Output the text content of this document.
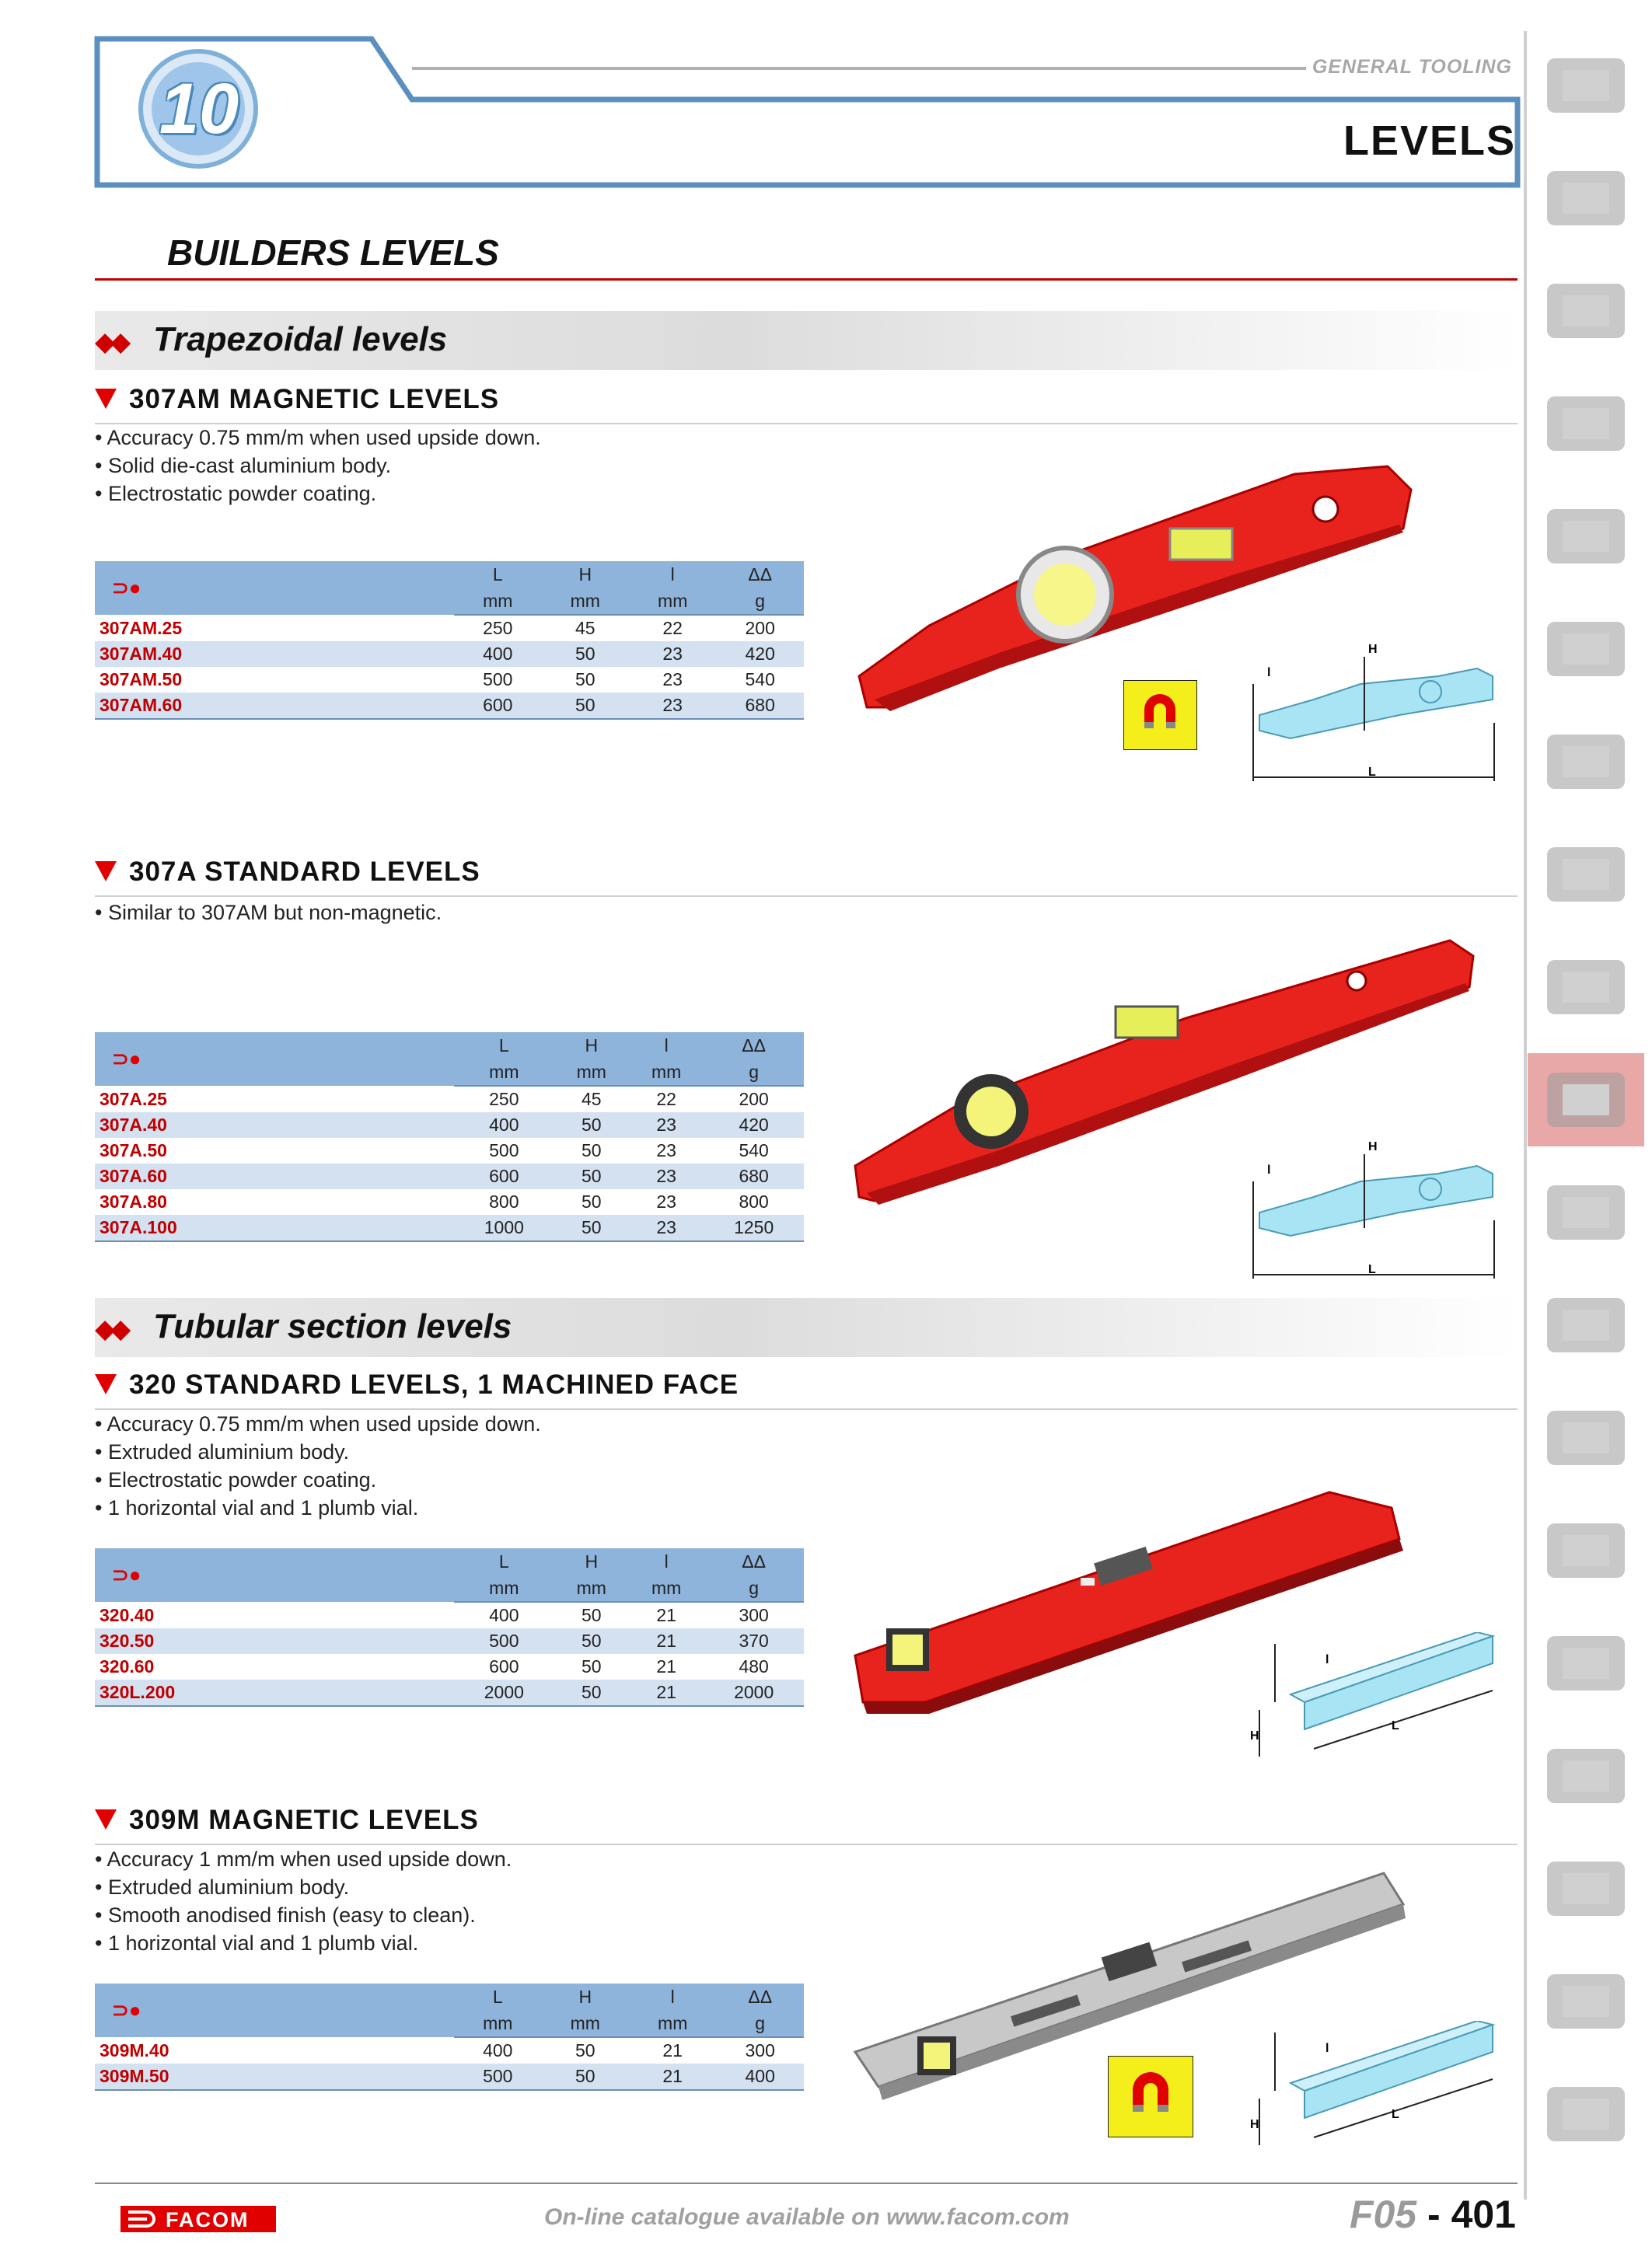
10
GENERAL TOOLING
LEVELS
BUILDERS LEVELS
◆◆ Trapezoidal levels
307AM MAGNETIC LEVELS
• Accuracy 0.75 mm/m when used upside down.
• Solid die-cast aluminium body.
• Electrostatic powder coating.
⊃●	L	H	l	ΔΔ
	mm	mm	mm	g
307AM.25	250	45	22	200
307AM.40	400	50	23	420
307AM.50	500	50	23	540
307AM.60	600	50	23	680
H
l
L
307A STANDARD LEVELS
• Similar to 307AM but non-magnetic.
⊃●	L	H	l	ΔΔ
	mm	mm	mm	g
307A.25	250	45	22	200
307A.40	400	50	23	420
307A.50	500	50	23	540
307A.60	600	50	23	680
307A.80	800	50	23	800
307A.100	1000	50	23	1250
H
l
L
◆◆ Tubular section levels
320 STANDARD LEVELS, 1 MACHINED FACE
• Accuracy 0.75 mm/m when used upside down.
• Extruded aluminium body.
• Electrostatic powder coating.
• 1 horizontal vial and 1 plumb vial.
⊃●	L	H	l	ΔΔ
	mm	mm	mm	g
320.40	400	50	21	300
320.50	500	50	21	370
320.60	600	50	21	480
320L.200	2000	50	21	2000
H
l
L
309M MAGNETIC LEVELS
• Accuracy 1 mm/m when used upside down.
• Extruded aluminium body.
• Smooth anodised finish (easy to clean).
• 1 horizontal vial and 1 plumb vial.
⊃●	L	H	l	ΔΔ
	mm	mm	mm	g
309M.40	400	50	21	300
309M.50	500	50	21	400
H
l
L
FACOM	On-line catalogue available on www.facom.com	F05 - 401
